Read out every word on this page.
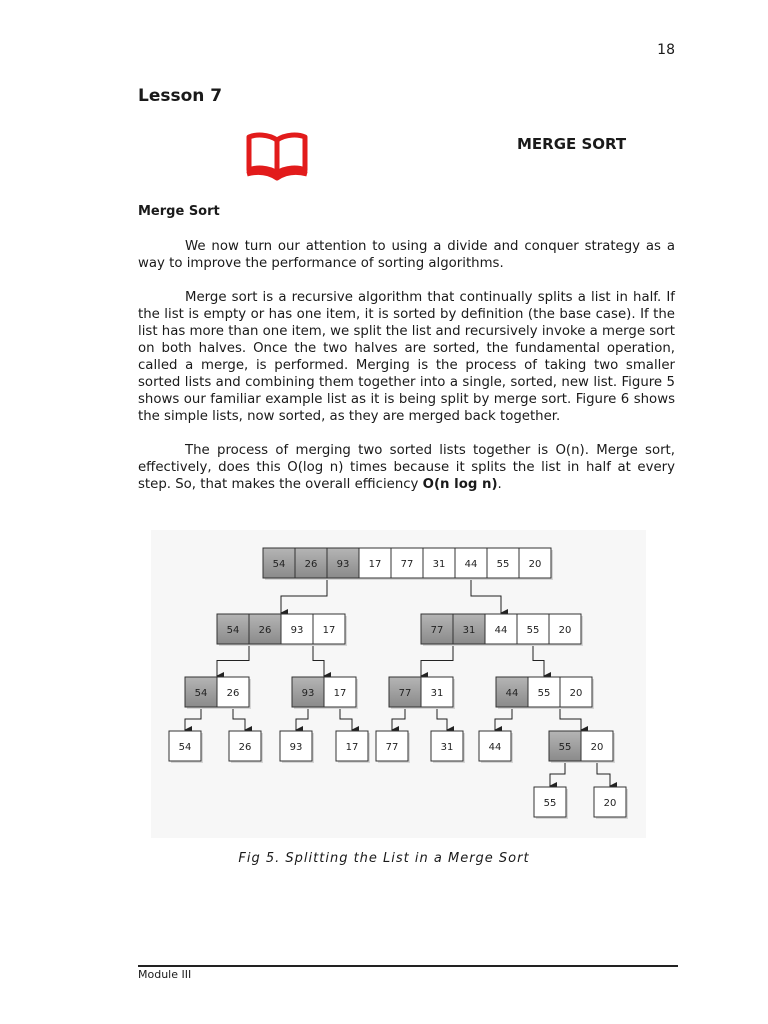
18
Lesson 7
MERGE SORT
Merge Sort

We now turn our attention to using a divide and conquer strategy as a way to improve the performance of sorting algorithms.

Merge sort is a recursive algorithm that continually splits a list in half. If the list is empty or has one item, it is sorted by definition (the base case). If the list has more than one item, we split the list and recursively invoke a merge sort on both halves. Once the two halves are sorted, the fundamental operation, called a merge, is performed. Merging is the process of taking two smaller sorted lists and combining them together into a single, sorted, new list. Figure 5 shows our familiar example list as it is being split by merge sort. Figure 6 shows the simple lists, now sorted, as they are merged back together.

The process of merging two sorted lists together is O(n). Merge sort, effectively, does this O(log n) times because it splits the list in half at every step. So, that makes the overall efficiency O(n log n).

54 26 93 17 77 31 44 55 20
54 26 93 17	77 31 44 55 20
54 26	93 17	77 31	44 55 20
54	26	93	17	77	31	44	55 20
55	20
Fig 5. Splitting the List in a Merge Sort
Module III
